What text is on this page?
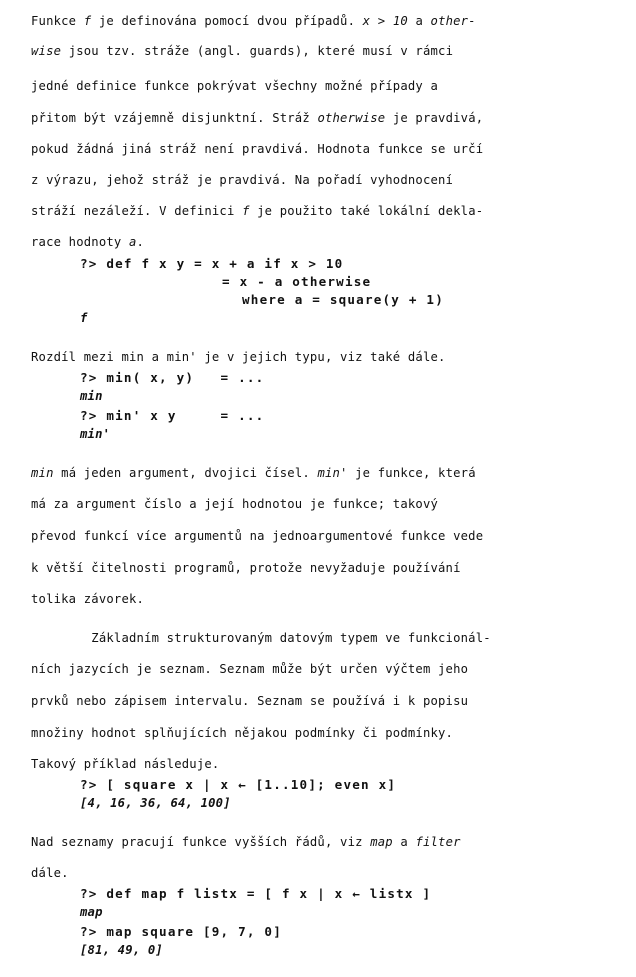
Funkce f je definována pomocí dvou případů. x > 10 a other-
wise jsou tzv. stráže (angl. guards), které musí v rámci
jedné definice funkce pokrývat všechny možné případy a
přitom být vzájemně disjunktní. Stráž otherwise je pravdivá,
pokud žádná jiná stráž není pravdivá. Hodnota funkce se určí
z výrazu, jehož stráž je pravdivá. Na pořadí vyhodnocení
stráží nezáleží. V definici f je použito také lokální dekla-
race hodnoty a.
?> def f x y = x + a if x > 10
= x - a otherwise
where a = square(y + 1)
f
Rozdíl mezi min a min' je v jejich typu, viz také dále.
?> min( x, y)   = ...
min
?> min' x y     = ...
min'
min má jeden argument, dvojici čísel. min' je funkce, která
má za argument číslo a její hodnotou je funkce; takový
převod funkcí více argumentů na jednoargumentové funkce vede
k větší čitelnosti programů, protože nevyžaduje používání
tolika závorek.
Základním strukturovaným datovým typem ve funkcionál-
ních jazycích je seznam. Seznam může být určen výčtem jeho
prvků nebo zápisem intervalu. Seznam se používá i k popisu
množiny hodnot splňujících nějakou podmínky či podmínky.
Takový příklad následuje.
?> [ square x | x ← [1..10]; even x]
[4, 16, 36, 64, 100]
Nad seznamy pracují funkce vyšších řádů, viz map a filter
dále.
?> def map f listx = [ f x | x ← listx ]
map
?> map square [9, 7, 0]
[81, 49, 0]
